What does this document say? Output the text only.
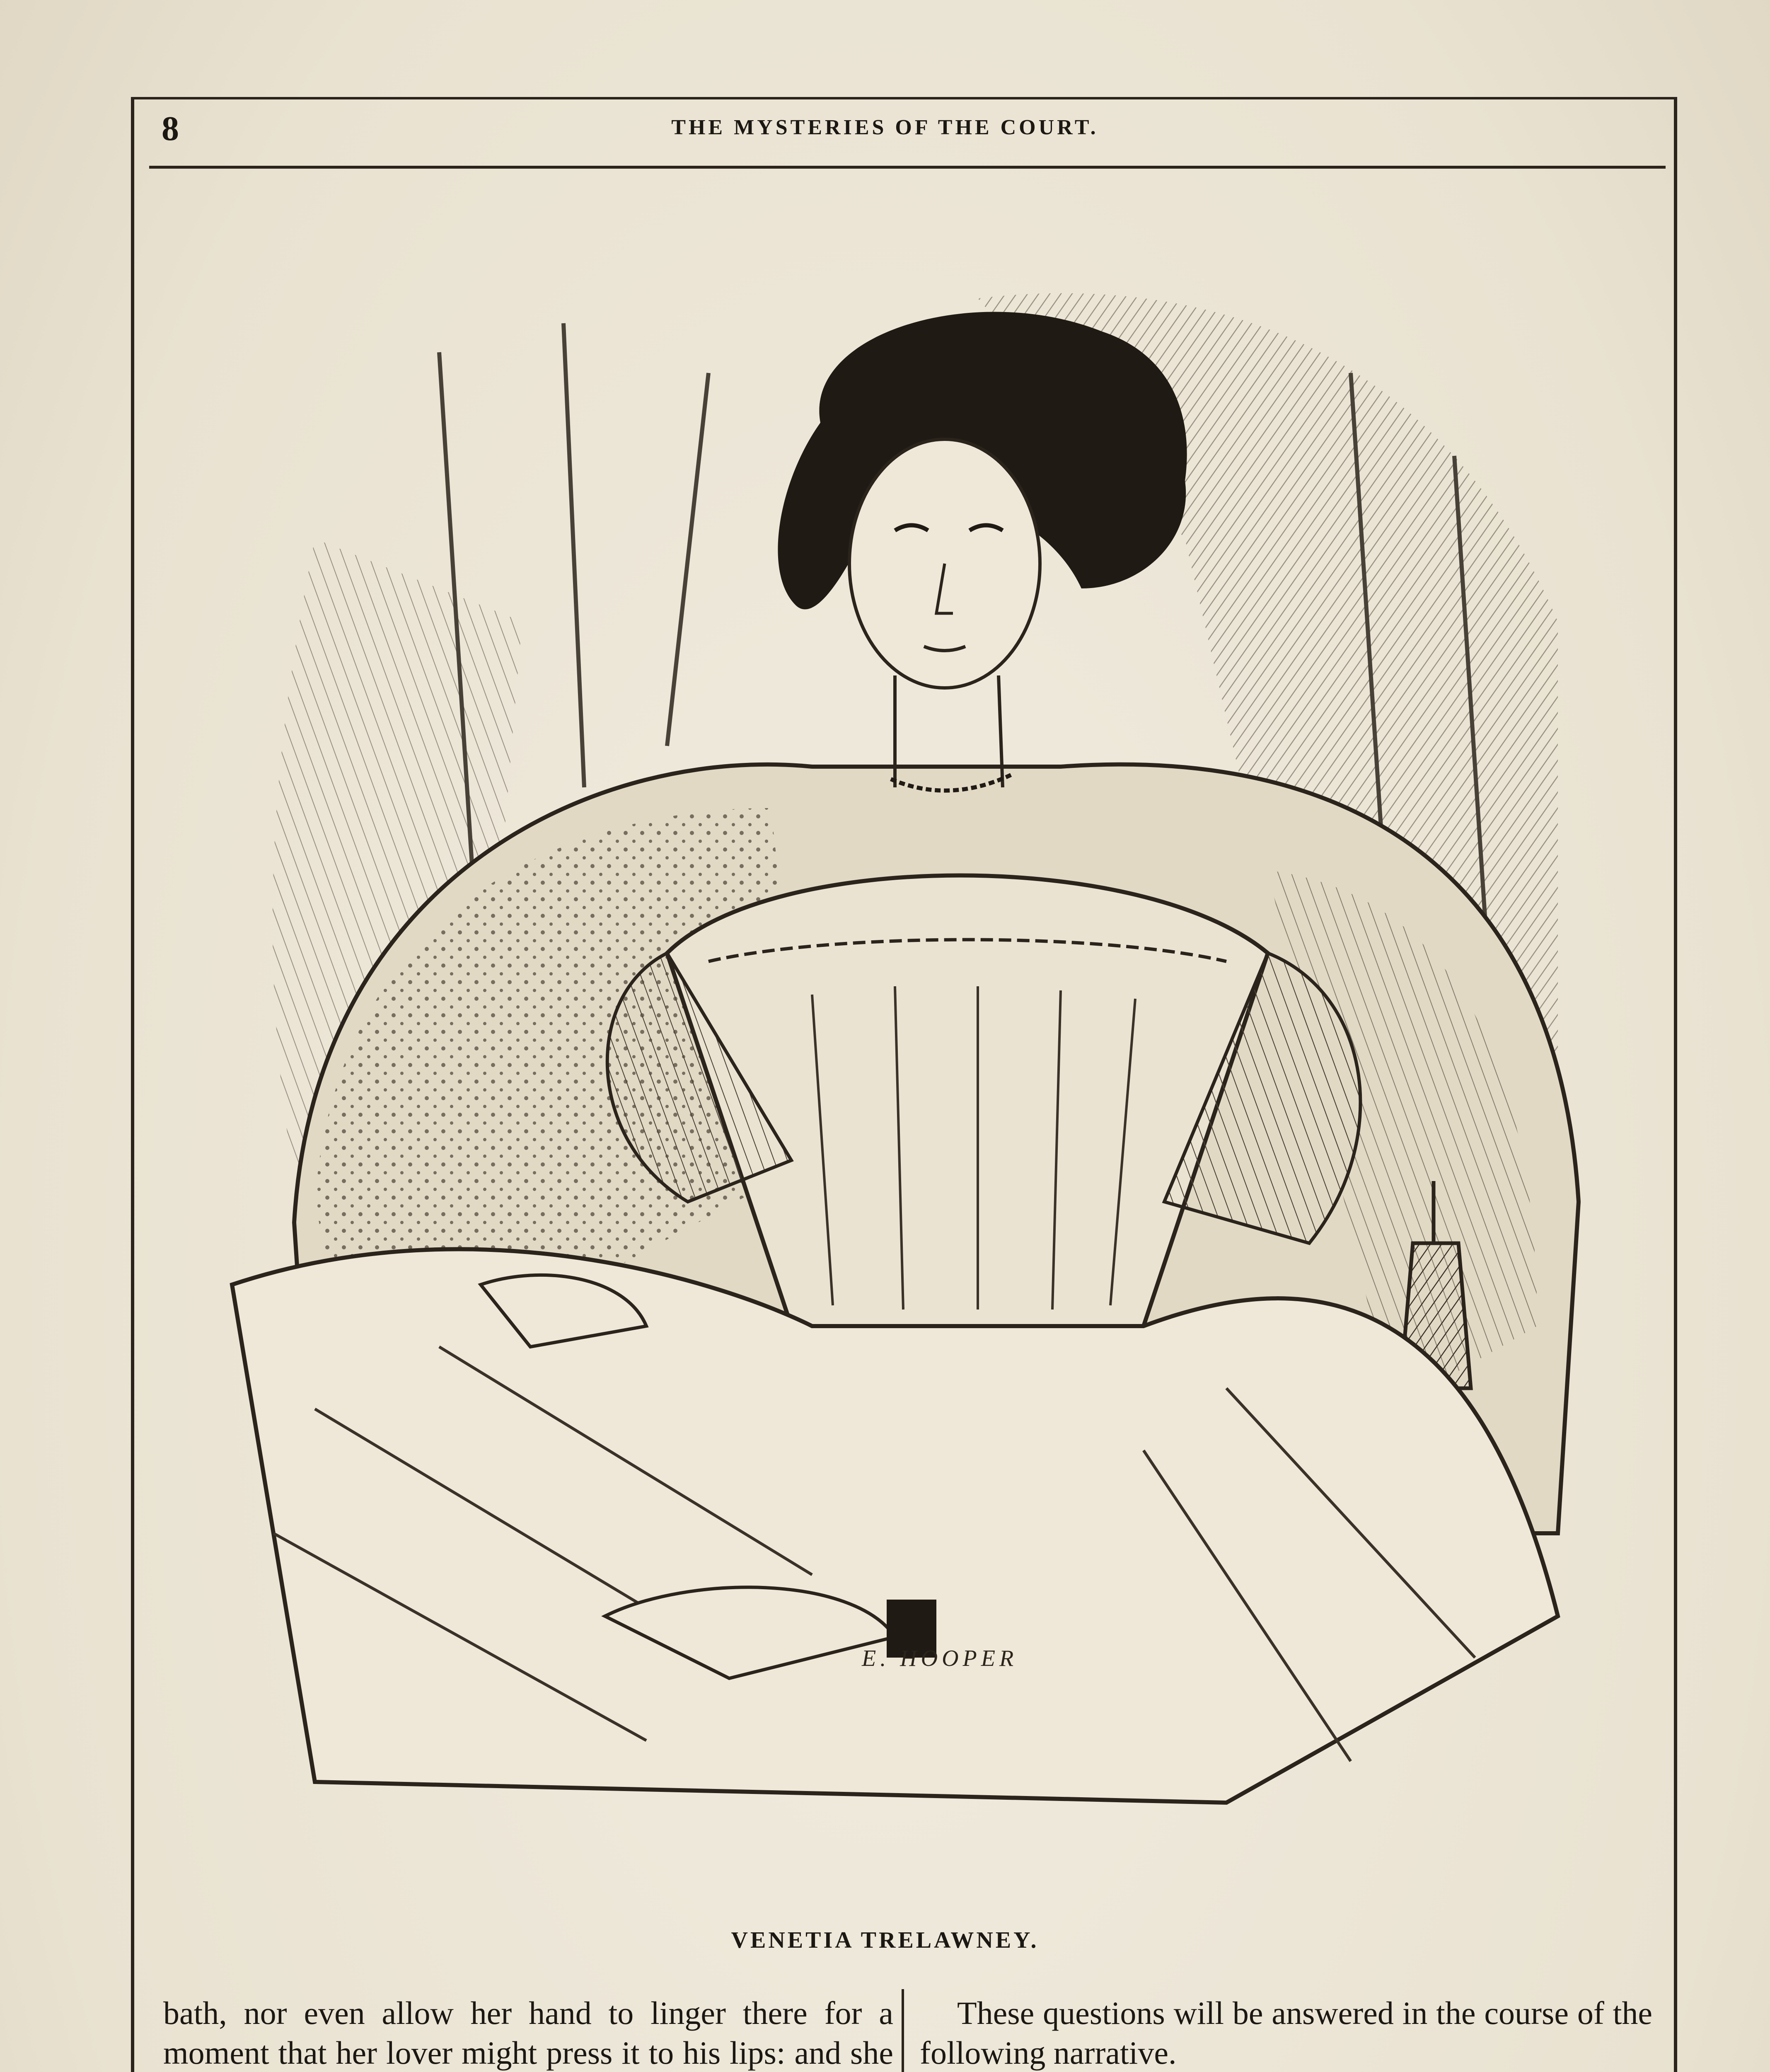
8	THE MYSTERIES OF THE COURT.
E. HOOPER
VENETIA TRELAWNEY.

bath, nor even allow her hand to linger there for a moment that her lover might press it to his lips: and she

These questions will be answered in the course of the following narrative.
